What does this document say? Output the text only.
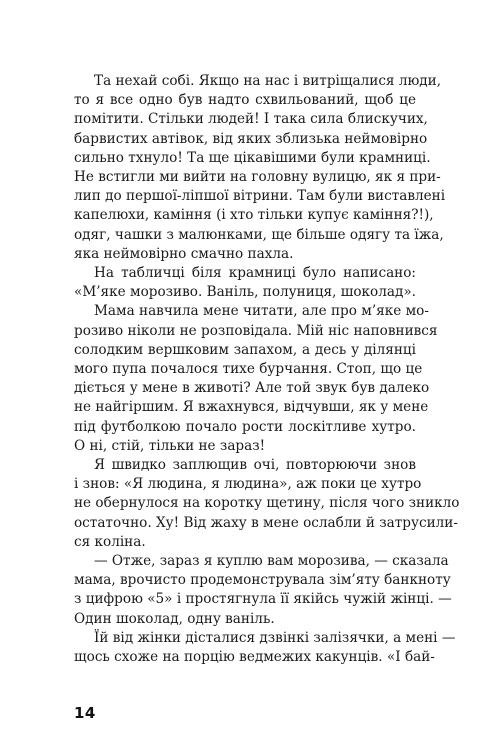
Та нехай собі. Якщо на нас і витріщалися люди,
то я все одно був надто схвильований, щоб це
помітити. Стільки людей! І така сила блискучих,
барвистих автівок, від яких зблизька неймовірно
сильно тхнуло! Та ще цікавішими були крамниці.
Не встигли ми вийти на головну вулицю, як я при-
лип до першої-ліпшої вітрини. Там були виставлені
капелюхи, каміння (і хто тільки купує каміння?!),
одяг, чашки з малюнками, ще більше одягу та їжа,
яка неймовірно смачно пахла.
На табличці біля крамниці було написано:
«М’яке морозиво. Ваніль, полуниця, шоколад».
Мама навчила мене читати, але про м’яке мо-
розиво ніколи не розповідала. Мій ніс наповнився
солодким вершковим запахом, а десь у ділянці
мого пупа почалося тихе бурчання. Стоп, що це
діється у мене в животі? Але той звук був далеко
не найгіршим. Я вжахнувся, відчувши, як у мене
під футболкою почало рости лоскітливе хутро.
О ні, стій, тільки не зараз!
Я швидко заплющив очі, повторюючи знов
і знов: «Я людина, я людина», аж поки це хутро
не обернулося на коротку щетину, після чого зникло
остаточно. Ху! Від жаху в мене ослабли й затрусили-
ся коліна.
— Отже, зараз я куплю вам морозива, — сказала
мама, врочисто продемонструвала зім’яту банкноту
з цифрою «5» і простягнула її якійсь чужій жінці. —
Один шоколад, одну ваніль.
Їй від жінки дісталися дзвінкі залізячки, а мені —
щось схоже на порцію ведмежих какунців. «І бай-
14
